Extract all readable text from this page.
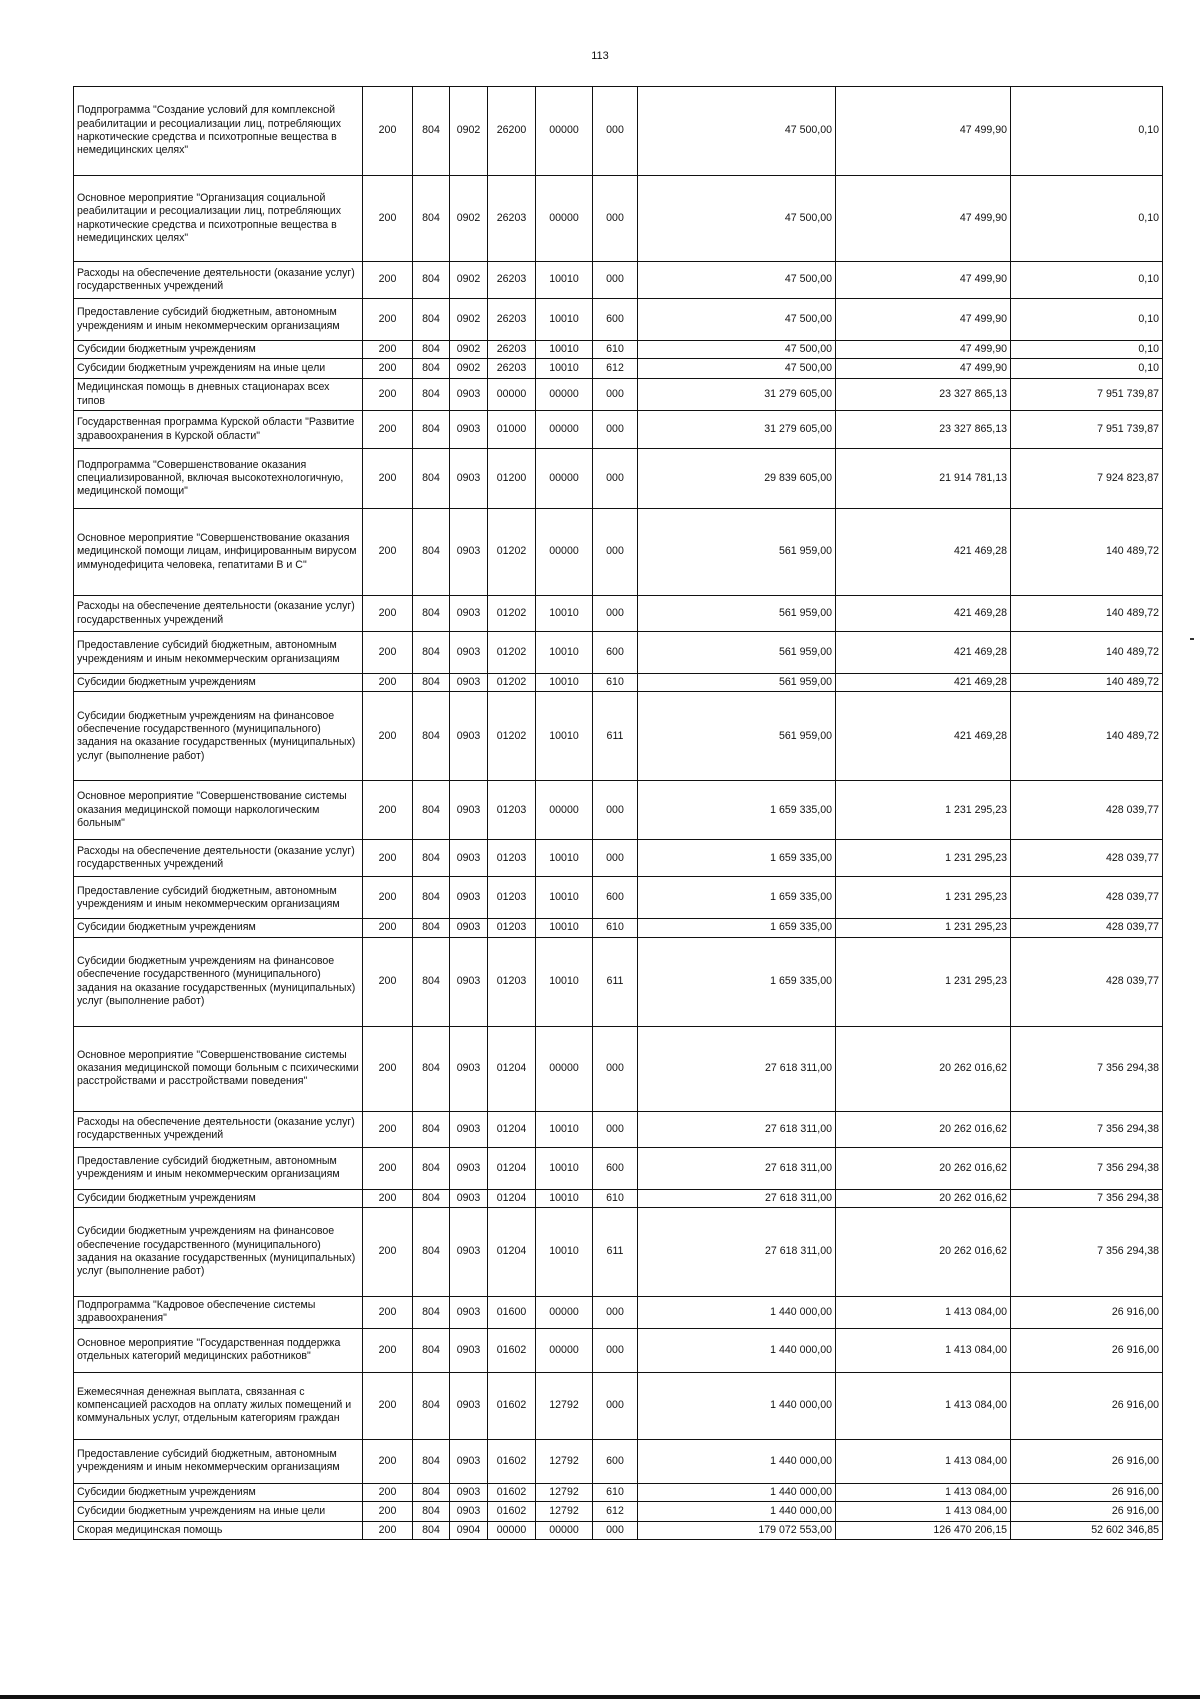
113
Подпрограмма "Создание условий для комплексной реабилитации и ресоциализации лиц, потребляющих наркотические средства и психотропные вещества в немедицинских целях"	200	804	0902	26200	00000	000	47 500,00	47 499,90	0,10
Основное мероприятие "Организация социальной реабилитации и ресоциализации лиц, потребляющих наркотические средства и психотропные вещества в немедицинских целях"	200	804	0902	26203	00000	000	47 500,00	47 499,90	0,10
Расходы на обеспечение деятельности (оказание услуг) государственных учреждений	200	804	0902	26203	10010	000	47 500,00	47 499,90	0,10
Предоставление субсидий бюджетным, автономным учреждениям и иным некоммерческим организациям	200	804	0902	26203	10010	600	47 500,00	47 499,90	0,10
Субсидии бюджетным учреждениям	200	804	0902	26203	10010	610	47 500,00	47 499,90	0,10
Субсидии бюджетным учреждениям на иные цели	200	804	0902	26203	10010	612	47 500,00	47 499,90	0,10
Медицинская помощь в дневных стационарах всех типов	200	804	0903	00000	00000	000	31 279 605,00	23 327 865,13	7 951 739,87
Государственная программа Курской области "Развитие здравоохранения в Курской области"	200	804	0903	01000	00000	000	31 279 605,00	23 327 865,13	7 951 739,87
Подпрограмма "Совершенствование оказания специализированной, включая высокотехнологичную, медицинской помощи"	200	804	0903	01200	00000	000	29 839 605,00	21 914 781,13	7 924 823,87
Основное мероприятие "Совершенствование оказания медицинской помощи лицам, инфицированным вирусом иммунодефицита человека, гепатитами В и С"	200	804	0903	01202	00000	000	561 959,00	421 469,28	140 489,72
Расходы на обеспечение деятельности (оказание услуг) государственных учреждений	200	804	0903	01202	10010	000	561 959,00	421 469,28	140 489,72
Предоставление субсидий бюджетным, автономным учреждениям и иным некоммерческим организациям	200	804	0903	01202	10010	600	561 959,00	421 469,28	140 489,72
Субсидии бюджетным учреждениям	200	804	0903	01202	10010	610	561 959,00	421 469,28	140 489,72
Субсидии бюджетным учреждениям на финансовое обеспечение государственного (муниципального) задания на оказание государственных (муниципальных) услуг (выполнение работ)	200	804	0903	01202	10010	611	561 959,00	421 469,28	140 489,72
Основное мероприятие "Совершенствование системы оказания медицинской помощи наркологическим больным"	200	804	0903	01203	00000	000	1 659 335,00	1 231 295,23	428 039,77
Расходы на обеспечение деятельности (оказание услуг) государственных учреждений	200	804	0903	01203	10010	000	1 659 335,00	1 231 295,23	428 039,77
Предоставление субсидий бюджетным, автономным учреждениям и иным некоммерческим организациям	200	804	0903	01203	10010	600	1 659 335,00	1 231 295,23	428 039,77
Субсидии бюджетным учреждениям	200	804	0903	01203	10010	610	1 659 335,00	1 231 295,23	428 039,77
Субсидии бюджетным учреждениям на финансовое обеспечение государственного (муниципального) задания на оказание государственных (муниципальных) услуг (выполнение работ)	200	804	0903	01203	10010	611	1 659 335,00	1 231 295,23	428 039,77
Основное мероприятие "Совершенствование системы оказания медицинской помощи больным с психическими расстройствами и расстройствами поведения"	200	804	0903	01204	00000	000	27 618 311,00	20 262 016,62	7 356 294,38
Расходы на обеспечение деятельности (оказание услуг) государственных учреждений	200	804	0903	01204	10010	000	27 618 311,00	20 262 016,62	7 356 294,38
Предоставление субсидий бюджетным, автономным учреждениям и иным некоммерческим организациям	200	804	0903	01204	10010	600	27 618 311,00	20 262 016,62	7 356 294,38
Субсидии бюджетным учреждениям	200	804	0903	01204	10010	610	27 618 311,00	20 262 016,62	7 356 294,38
Субсидии бюджетным учреждениям на финансовое обеспечение государственного (муниципального) задания на оказание государственных (муниципальных) услуг (выполнение работ)	200	804	0903	01204	10010	611	27 618 311,00	20 262 016,62	7 356 294,38
Подпрограмма "Кадровое обеспечение системы здравоохранения"	200	804	0903	01600	00000	000	1 440 000,00	1 413 084,00	26 916,00
Основное мероприятие "Государственная поддержка отдельных категорий медицинских работников"	200	804	0903	01602	00000	000	1 440 000,00	1 413 084,00	26 916,00
Ежемесячная денежная выплата, связанная с компенсацией расходов на оплату жилых помещений и коммунальных услуг, отдельным категориям граждан	200	804	0903	01602	12792	000	1 440 000,00	1 413 084,00	26 916,00
Предоставление субсидий бюджетным, автономным учреждениям и иным некоммерческим организациям	200	804	0903	01602	12792	600	1 440 000,00	1 413 084,00	26 916,00
Субсидии бюджетным учреждениям	200	804	0903	01602	12792	610	1 440 000,00	1 413 084,00	26 916,00
Субсидии бюджетным учреждениям на иные цели	200	804	0903	01602	12792	612	1 440 000,00	1 413 084,00	26 916,00
Скорая медицинская помощь	200	804	0904	00000	00000	000	179 072 553,00	126 470 206,15	52 602 346,85
